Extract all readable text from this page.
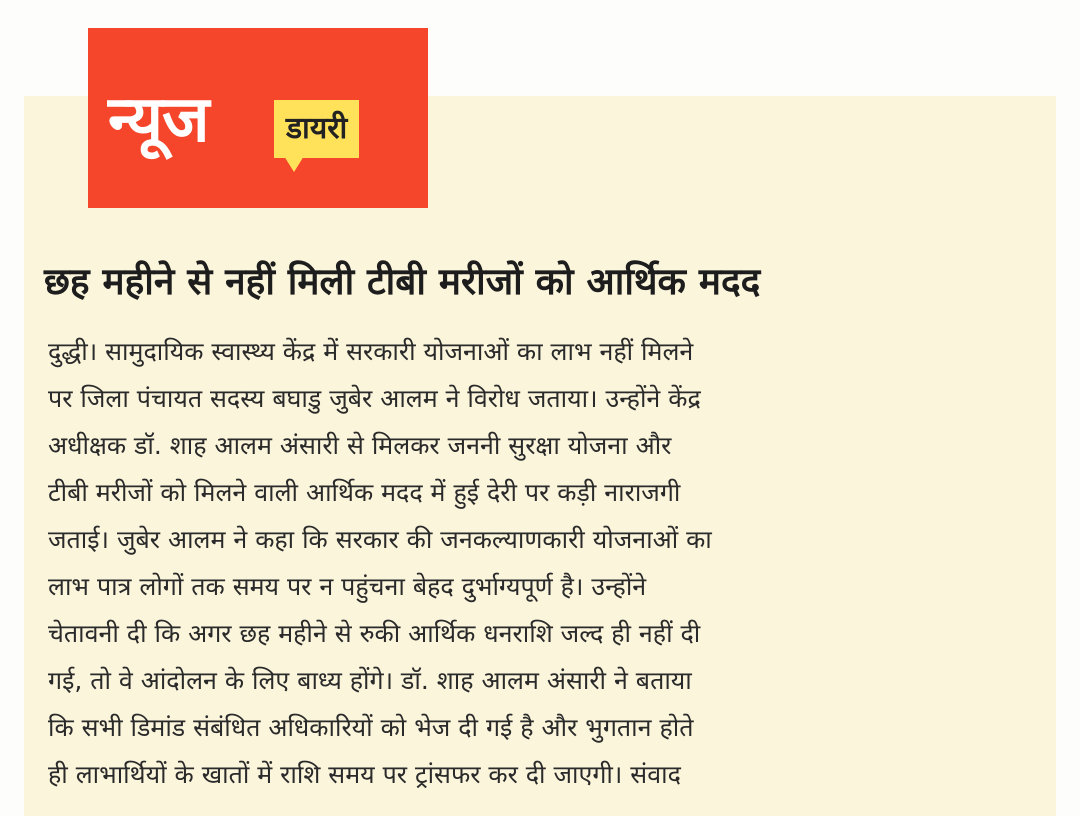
न्यूज	डायरी
छह महीने से नहीं मिली टीबी मरीजों को आर्थिक मदद
दुद्धी। सामुदायिक स्वास्थ्य केंद्र में सरकारी योजनाओं का लाभ नहीं मिलने
पर जिला पंचायत सदस्य बघाडु जुबेर आलम ने विरोध जताया। उन्होंने केंद्र
अधीक्षक डॉ. शाह आलम अंसारी से मिलकर जननी सुरक्षा योजना और
टीबी मरीजों को मिलने वाली आर्थिक मदद में हुई देरी पर कड़ी नाराजगी
जताई। जुबेर आलम ने कहा कि सरकार की जनकल्याणकारी योजनाओं का
लाभ पात्र लोगों तक समय पर न पहुंचना बेहद दुर्भाग्यपूर्ण है। उन्होंने
चेतावनी दी कि अगर छह महीने से रुकी आर्थिक धनराशि जल्द ही नहीं दी
गई, तो वे आंदोलन के लिए बाध्य होंगे। डॉ. शाह आलम अंसारी ने बताया
कि सभी डिमांड संबंधित अधिकारियों को भेज दी गई है और भुगतान होते
ही लाभार्थियों के खातों में राशि समय पर ट्रांसफर कर दी जाएगी। संवाद
